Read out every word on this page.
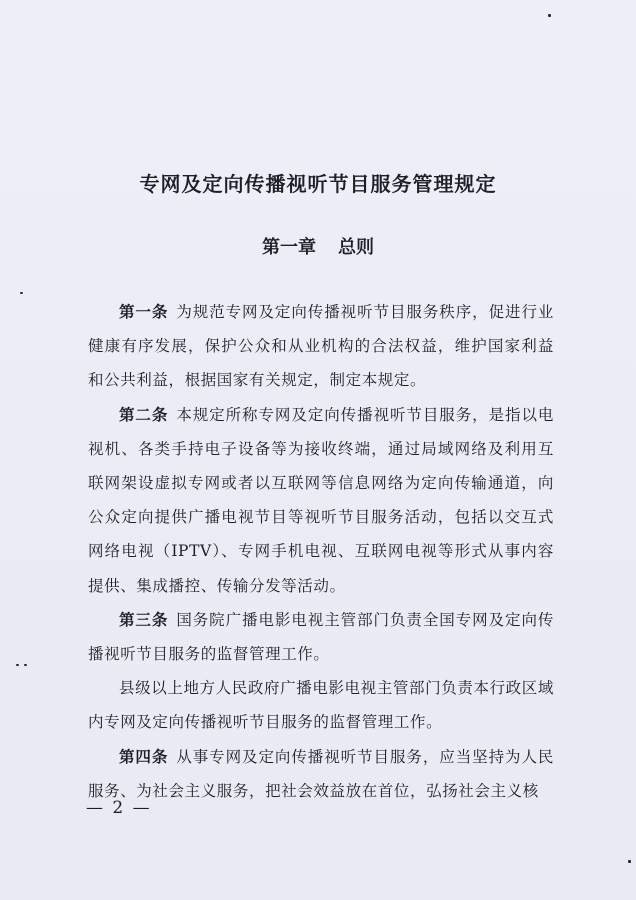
专网及定向传播视听节目服务管理规定
第一章 总则

第一条 为规范专网及定向传播视听节目服务秩序，促进行业健康有序发展，保护公众和从业机构的合法权益，维护国家利益和公共利益，根据国家有关规定，制定本规定。

第二条 本规定所称专网及定向传播视听节目服务，是指以电视机、各类手持电子设备等为接收终端，通过局域网络及利用互联网架设虚拟专网或者以互联网等信息网络为定向传输通道，向公众定向提供广播电视节目等视听节目服务活动，包括以交互式网络电视（IPTV）、专网手机电视、互联网电视等形式从事内容提供、集成播控、传输分发等活动。

第三条 国务院广播电影电视主管部门负责全国专网及定向传播视听节目服务的监督管理工作。

县级以上地方人民政府广播电影电视主管部门负责本行政区域内专网及定向传播视听节目服务的监督管理工作。

第四条 从事专网及定向传播视听节目服务，应当坚持为人民服务、为社会主义服务，把社会效益放在首位，弘扬社会主义核

— 2 —
